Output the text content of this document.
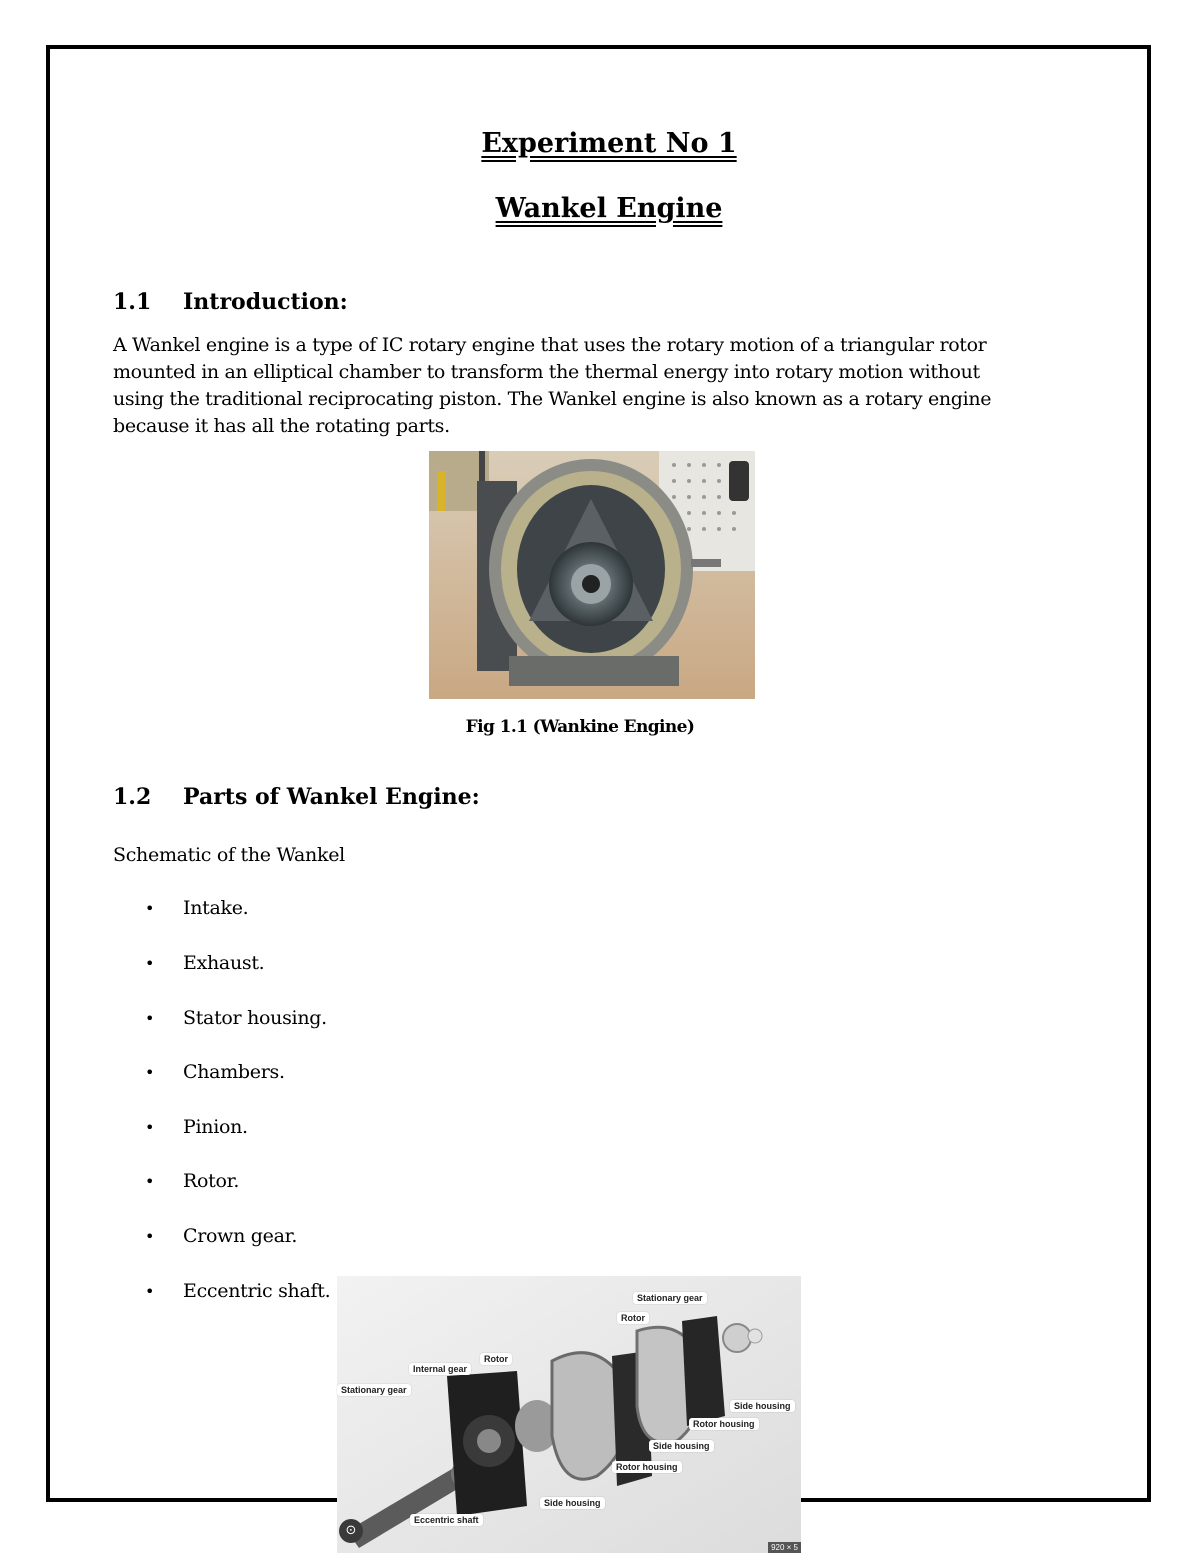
Experiment No 1
Wankel Engine
1.1 Introduction:
A Wankel engine is a type of IC rotary engine that uses the rotary motion of a triangular rotor mounted in an elliptical chamber to transform the thermal energy into rotary motion without using the traditional reciprocating piston. The Wankel engine is also known as a rotary engine because it has all the rotating parts.
Fig 1.1 (Wankine Engine)
1.2 Parts of Wankel Engine:
Schematic of the Wankel
• Intake.
• Exhaust.
• Stator housing.
• Chambers.
• Pinion.
• Rotor.
• Crown gear.
• Eccentric shaft.	Stationary gear
Rotor
Rotor
Internal gear
Stationary gear
Side housing
Rotor housing
Side housing
Rotor housing
Side housing
Eccentric shaft
⊙
920 × 5
